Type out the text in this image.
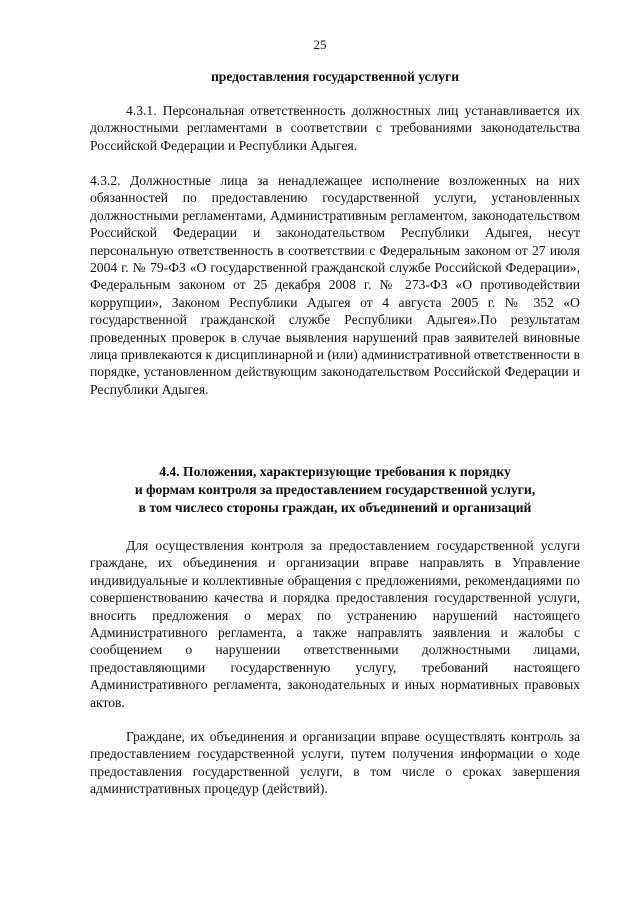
25
предоставления государственной услуги
4.3.1. Персональная ответственность должностных лиц устанавливается их должностными регламентами в соответствии с требованиями законодательства Российской Федерации и Республики Адыгея.
4.3.2. Должностные лица за ненадлежащее исполнение возложенных на них обязанностей по предоставлению государственной услуги, установленных должностными регламентами, Административным регламентом, законодательством Российской Федерации и законодательством Республики Адыгея, несут персональную ответственность в соответствии с Федеральным законом от 27 июля 2004 г. № 79-ФЗ «О государственной гражданской службе Российской Федерации», Федеральным законом от 25 декабря 2008 г. № 273-ФЗ «О противодействии коррупции», Законом Республики Адыгея от 4 августа 2005 г. № 352 «О государственной гражданской службе Республики Адыгея».По результатам проведенных проверок в случае выявления нарушений прав заявителей виновные лица привлекаются к дисциплинарной и (или) административной ответственности в порядке, установленном действующим законодательством Российской Федерации и Республики Адыгея.
4.4. Положения, характеризующие требования к порядку
и формам контроля за предоставлением государственной услуги,
в том числесо стороны граждан, их объединений и организаций
Для осуществления контроля за предоставлением государственной услуги граждане, их объединения и организации вправе направлять в Управление индивидуальные и коллективные обращения с предложениями, рекомендациями по совершенствованию качества и порядка предоставления государственной услуги, вносить предложения о мерах по устранению нарушений настоящего Административного регламента, а также направлять заявления и жалобы с сообщением о нарушении ответственными должностными лицами, предоставляющими государственную услугу, требований настоящего Административного регламента, законодательных и иных нормативных правовых актов.
Граждане, их объединения и организации вправе осуществлять контроль за предоставлением государственной услуги, путем получения информации о ходе предоставления государственной услуги, в том числе о сроках завершения административных процедур (действий).
